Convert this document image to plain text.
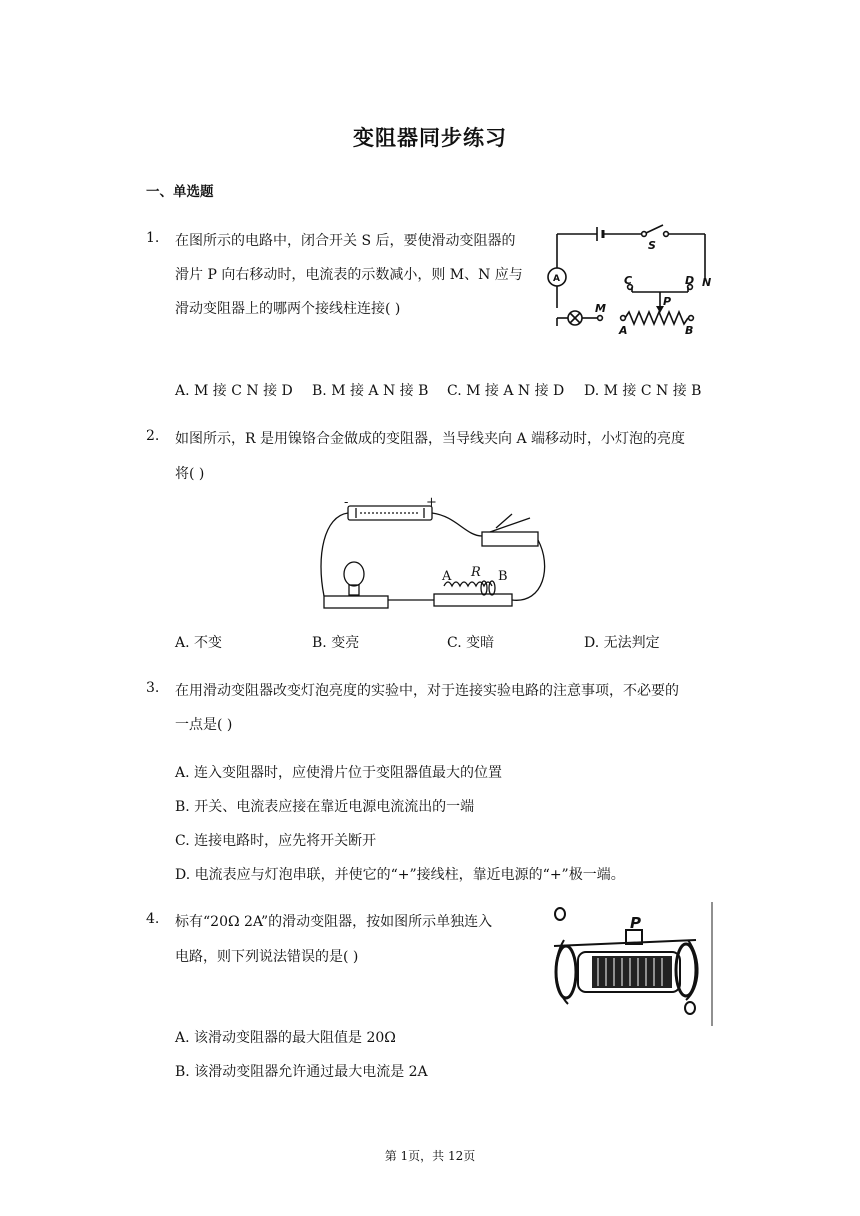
变阻器同步练习
一、单选题
1. 在图所示的电路中，闭合开关 S 后，要使滑动变阻器的
滑片 P 向右移动时，电流表的示数减小，则 M、N 应与
滑动变阻器上的哪两个接线柱连接( )
A
S
C	D N
A
M
P
B
A. M 接 C N 接 D B. M 接 A N 接 B C. M 接 A N 接 D D. M 接 C N 接 B
2. 如图所示，R 是用镍铬合金做成的变阻器，当导线夹向 A 端移动时，小灯泡的亮度
将( )
-	+
A R B
A. 不变	B. 变亮	C. 变暗	D. 无法判定
3. 在用滑动变阻器改变灯泡亮度的实验中，对于连接实验电路的注意事项，不必要的
一点是( )
A. 连入变阻器时，应使滑片位于变阻器值最大的位置
B. 开关、电流表应接在靠近电源电流流出的一端
C. 连接电路时，应先将开关断开
D. 电流表应与灯泡串联，并使它的“+”接线柱，靠近电源的“+”极一端。
4. 标有“20Ω 2A”的滑动变阻器，按如图所示单独连入
电路，则下列说法错误的是( )
P
A. 该滑动变阻器的最大阻值是 20Ω
B. 该滑动变阻器允许通过最大电流是 2A
第 1页，共 12页
